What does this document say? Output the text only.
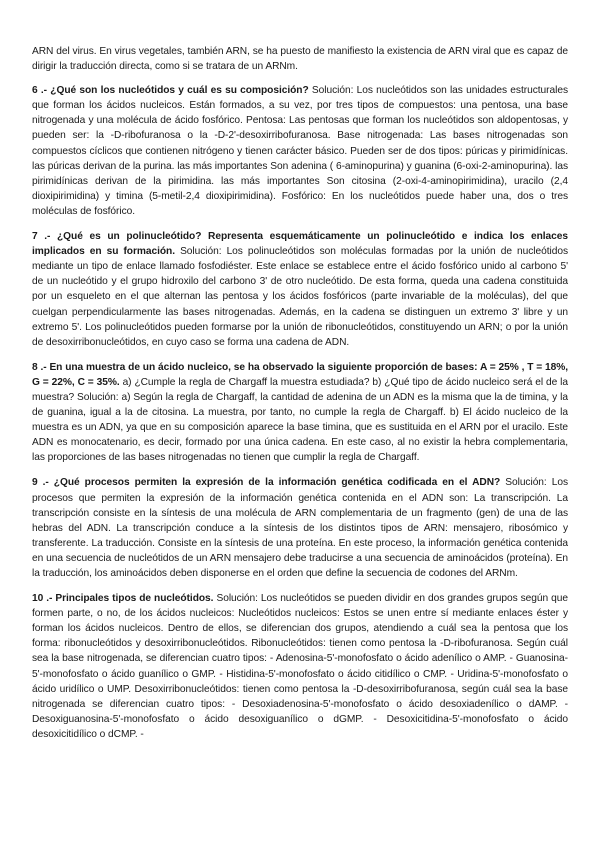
ARN del virus. En virus vegetales, también ARN, se ha puesto de manifiesto la existencia de ARN viral que es capaz de dirigir la traducción directa, como si se tratara de un ARNm.

6 .- ¿Qué son los nucleótidos y cuál es su composición? Solución: Los nucleótidos son las unidades estructurales que forman los ácidos nucleicos. Están formados, a su vez, por tres tipos de compuestos: una pentosa, una base nitrogenada y una molécula de ácido fosfórico. Pentosa: Las pentosas que forman los nucleótidos son aldopentosas, y pueden ser: la -D-ribofuranosa o la -D-2'-desoxirribofuranosa. Base nitrogenada: Las bases nitrogenadas son compuestos cíclicos que contienen nitrógeno y tienen carácter básico. Pueden ser de dos tipos: púricas y pirimidínicas. las púricas derivan de la purina. las más importantes Son adenina ( 6-aminopurina) y guanina (6-oxi-2-aminopurina). las pirimidínicas derivan de la pirimidina. las más importantes Son citosina (2-oxi-4-aminopirimidina), uracilo (2,4 dioxipirimidina) y timina (5-metil-2,4 dioxipirimidina). Fosfórico: En los nucleótidos puede haber una, dos o tres moléculas de fosfórico.

7 .- ¿Qué es un polinucleótido? Representa esquemáticamente un polinucleótido e indica los enlaces implicados en su formación. Solución: Los polinucleótidos son moléculas formadas por la unión de nucleótidos mediante un tipo de enlace llamado fosfodiéster. Este enlace se establece entre el ácido fosfórico unido al carbono 5' de un nucleótido y el grupo hidroxilo del carbono 3' de otro nucleótido. De esta forma, queda una cadena constituida por un esqueleto en el que alternan las pentosa y los ácidos fosfóricos (parte invariable de la moléculas), del que cuelgan perpendicularmente las bases nitrogenadas. Además, en la cadena se distinguen un extremo 3' libre y un extremo 5'. Los polinucleótidos pueden formarse por la unión de ribonucleótidos, constituyendo un ARN; o por la unión de desoxirribonucleótidos, en cuyo caso se forma una cadena de ADN.

8 .- En una muestra de un ácido nucleico, se ha observado la siguiente proporción de bases: A = 25% , T = 18%, G = 22%, C = 35%. a) ¿Cumple la regla de Chargaff la muestra estudiada? b) ¿Qué tipo de ácido nucleico será el de la muestra? Solución: a) Según la regla de Chargaff, la cantidad de adenina de un ADN es la misma que la de timina, y la de guanina, igual a la de citosina. La muestra, por tanto, no cumple la regla de Chargaff. b) El ácido nucleico de la muestra es un ADN, ya que en su composición aparece la base timina, que es sustituida en el ARN por el uracilo. Este ADN es monocatenario, es decir, formado por una única cadena. En este caso, al no existir la hebra complementaria, las proporciones de las bases nitrogenadas no tienen que cumplir la regla de Chargaff.

9 .- ¿Qué procesos permiten la expresión de la información genética codificada en el ADN? Solución: Los procesos que permiten la expresión de la información genética contenida en el ADN son: La transcripción. La transcripción consiste en la síntesis de una molécula de ARN complementaria de un fragmento (gen) de una de las hebras del ADN. La transcripción conduce a la síntesis de los distintos tipos de ARN: mensajero, ribosómico y transferente. La traducción. Consiste en la síntesis de una proteína. En este proceso, la información genética contenida en una secuencia de nucleótidos de un ARN mensajero debe traducirse a una secuencia de aminoácidos (proteína). En la traducción, los aminoácidos deben disponerse en el orden que define la secuencia de codones del ARNm.

10 .- Principales tipos de nucleótidos. Solución: Los nucleótidos se pueden dividir en dos grandes grupos según que formen parte, o no, de los ácidos nucleicos: Nucleótidos nucleicos: Estos se unen entre sí mediante enlaces éster y forman los ácidos nucleicos. Dentro de ellos, se diferencian dos grupos, atendiendo a cuál sea la pentosa que los forma: ribonucleótidos y desoxirribonucleótidos. Ribonucleótidos: tienen como pentosa la -D-ribofuranosa. Según cuál sea la base nitrogenada, se diferencian cuatro tipos: - Adenosina-5'-monofosfato o ácido adenílico o AMP. - Guanosina-5'-monofosfato o ácido guanílico o GMP. - Histidina-5'-monofosfato o ácido citidílico o CMP. - Uridina-5'-monofosfato o ácido uridílico o UMP. Desoxirribonucleótidos: tienen como pentosa la -D-desoxirribofuranosa, según cuál sea la base nitrogenada se diferencian cuatro tipos: - Desoxiadenosina-5'-monofosfato o ácido desoxiadenílico o dAMP. - Desoxiguanosina-5'-monofosfato o ácido desoxiguanílico o dGMP. - Desoxicitidina-5'-monofosfato o ácido desoxicitidílico o dCMP. -
